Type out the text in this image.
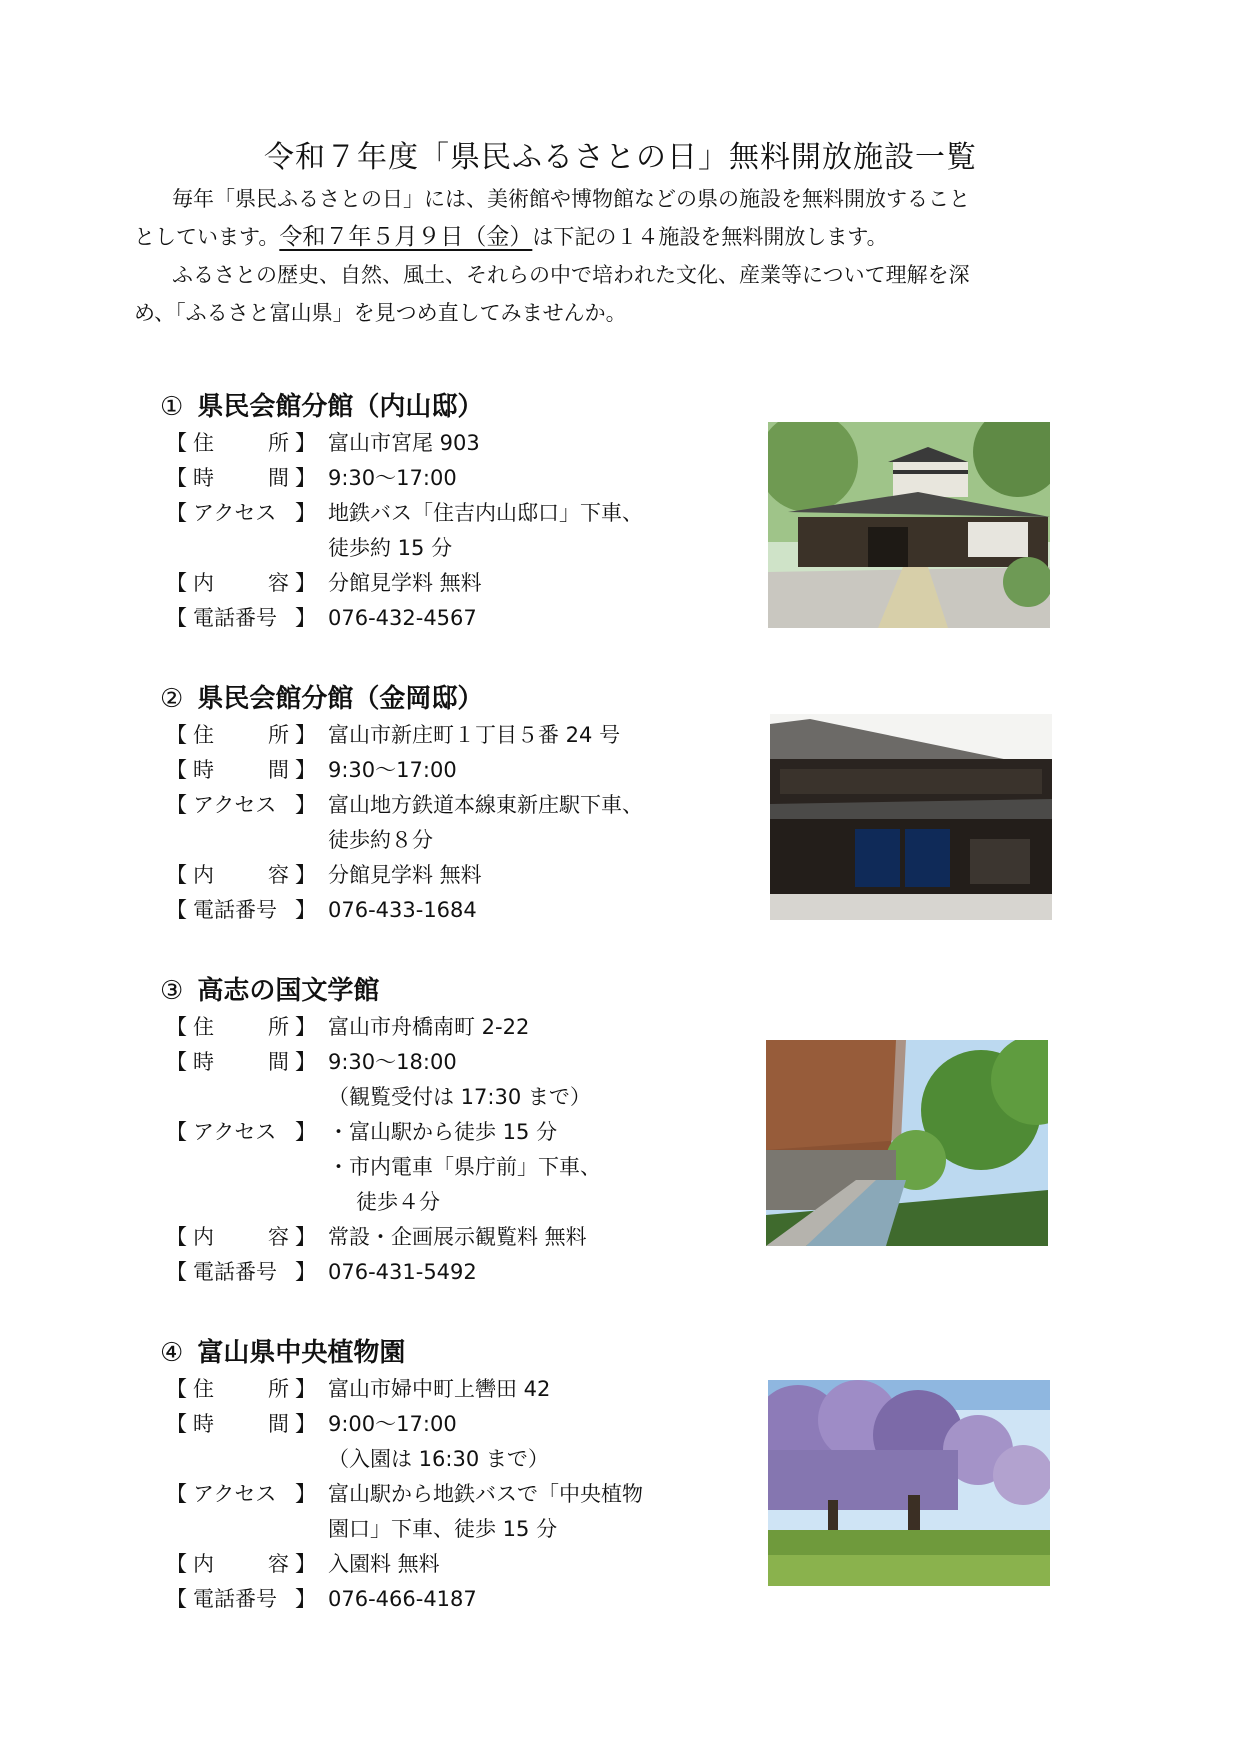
令和７年度「県民ふるさとの日」無料開放施設一覧

毎年「県民ふるさとの日」には、美術館や博物館などの県の施設を無料開放すること

としています。令和７年５月９日（金）は下記の１４施設を無料開放します。

ふるさとの歴史、自然、風土、それらの中で培われた文化、産業等について理解を深

め、「ふるさと富山県」を見つめ直してみませんか。

① 県民会館分館（内山邸）
【 住	所 】 富山市宮尾 903
【 時	間 】 9:30～17:00
【 アクセス 】 地鉄バス「住吉内山邸口」下車、
徒歩約 15 分
【 内	容 】 分館見学料 無料
【 電話番号 】 076-432-4567
② 県民会館分館（金岡邸）
【 住	所 】 富山市新庄町１丁目５番 24 号
【 時	間 】 9:30～17:00
【 アクセス 】 富山地方鉄道本線東新庄駅下車、
徒歩約８分
【 内	容 】 分館見学料 無料
【 電話番号 】 076-433-1684
③ 高志の国文学館
【 住	所 】 富山市舟橋南町 2-22
【 時	間 】 9:30～18:00
（観覧受付は 17:30 まで）
【 アクセス 】 ・富山駅から徒歩 15 分
・市内電車「県庁前」下車、
徒歩４分
【 内	容 】 常設・企画展示観覧料 無料
【 電話番号 】 076-431-5492
④ 富山県中央植物園
【 住	所 】 富山市婦中町上轡田 42
【 時	間 】 9:00～17:00
（入園は 16:30 まで）
【 アクセス 】 富山駅から地鉄バスで「中央植物
園口」下車、徒歩 15 分
【 内	容 】 入園料 無料
【 電話番号 】 076-466-4187
